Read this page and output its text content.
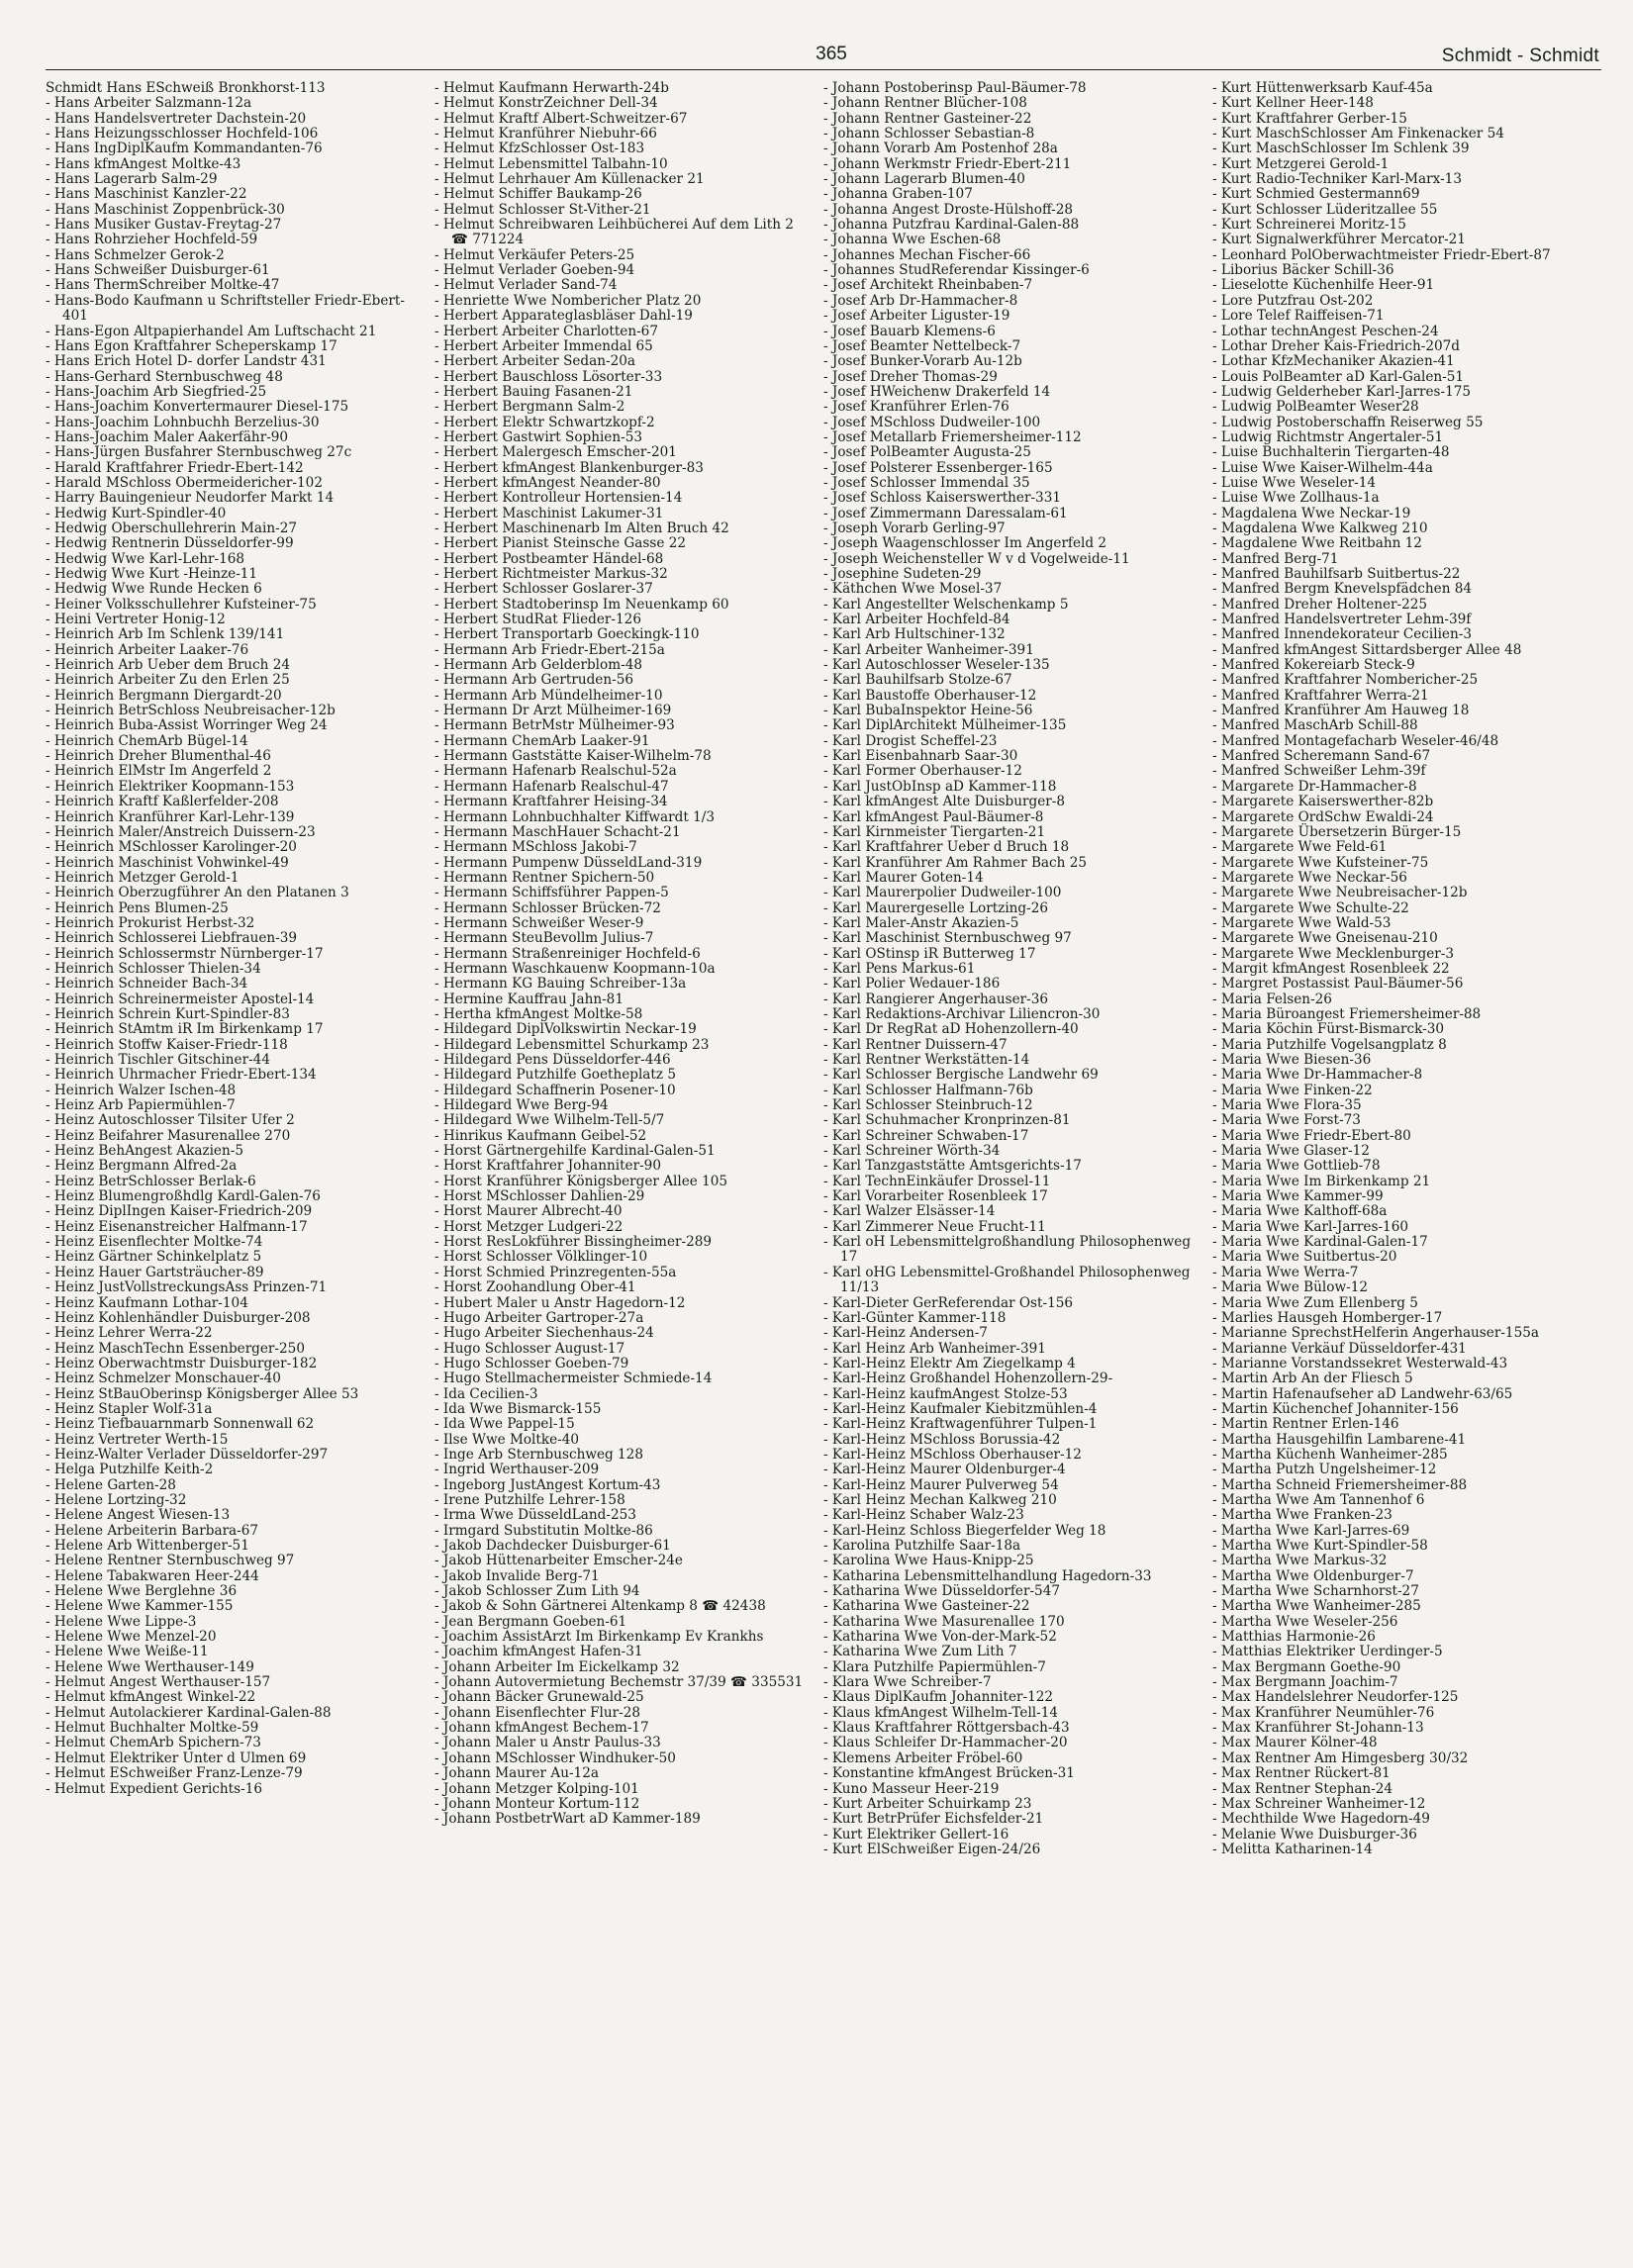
365	Schmidt - Schmidt
Schmidt Hans ESchweiß Bronkhorst-113
- Hans Arbeiter Salzmann-12a
- Hans Handelsvertreter Dachstein-20
- Hans Heizungsschlosser Hochfeld-106
- Hans IngDiplKaufm Kommandanten-76
- Hans kfmAngest Moltke-43
- Hans Lagerarb Salm-29
- Hans Maschinist Kanzler-22
- Hans Maschinist Zoppenbrück-30
- Hans Musiker Gustav-Freytag-27
- Hans Rohrzieher Hochfeld-59
- Hans Schmelzer Gerok-2
- Hans Schweißer Duisburger-61
- Hans ThermSchreiber Moltke-47
- Hans-Bodo Kaufmann u Schriftsteller Friedr-Ebert-401
- Hans-Egon Altpapierhandel Am Luftschacht 21
- Hans Egon Kraftfahrer Scheperskamp 17
- Hans Erich Hotel D- dorfer Landstr 431
- Hans-Gerhard Sternbuschweg 48
- Hans-Joachim Arb Siegfried-25
- Hans-Joachim Konvertermaurer Diesel-175
- Hans-Joachim Lohnbuchh Berzelius-30
- Hans-Joachim Maler Aakerfähr-90
- Hans-Jürgen Busfahrer Sternbuschweg 27c
- Harald Kraftfahrer Friedr-Ebert-142
- Harald MSchloss Obermeidericher-102
- Harry Bauingenieur Neudorfer Markt 14
- Hedwig Kurt-Spindler-40
- Hedwig Oberschullehrerin Main-27
- Hedwig Rentnerin Düsseldorfer-99
- Hedwig Wwe Karl-Lehr-168
- Hedwig Wwe Kurt -Heinze-11
- Hedwig Wwe Runde Hecken 6
- Heiner Volksschullehrer Kufsteiner-75
- Heini Vertreter Honig-12
- Heinrich Arb Im Schlenk 139/141
- Heinrich Arbeiter Laaker-76
- Heinrich Arb Ueber dem Bruch 24
- Heinrich Arbeiter Zu den Erlen 25
- Heinrich Bergmann Diergardt-20
- Heinrich BetrSchloss Neubreisacher-12b
- Heinrich Buba-Assist Worringer Weg 24
- Heinrich ChemArb Bügel-14
- Heinrich Dreher Blumenthal-46
- Heinrich ElMstr Im Angerfeld 2
- Heinrich Elektriker Koopmann-153
- Heinrich Kraftf Kaßlerfelder-208
- Heinrich Kranführer Karl-Lehr-139
- Heinrich Maler/Anstreich Duissern-23
- Heinrich MSchlosser Karolinger-20
- Heinrich Maschinist Vohwinkel-49
- Heinrich Metzger Gerold-1
- Heinrich Oberzugführer An den Platanen 3
- Heinrich Pens Blumen-25
- Heinrich Prokurist Herbst-32
- Heinrich Schlosserei Liebfrauen-39
- Heinrich Schlossermstr Nürnberger-17
- Heinrich Schlosser Thielen-34
- Heinrich Schneider Bach-34
- Heinrich Schreinermeister Apostel-14
- Heinrich Schrein Kurt-Spindler-83
- Heinrich StAmtm iR Im Birkenkamp 17
- Heinrich Stoffw Kaiser-Friedr-118
- Heinrich Tischler Gitschiner-44
- Heinrich Uhrmacher Friedr-Ebert-134
- Heinrich Walzer Ischen-48
- Heinz Arb Papiermühlen-7
- Heinz Autoschlosser Tilsiter Ufer 2
- Heinz Beifahrer Masurenallee 270
- Heinz BehAngest Akazien-5
- Heinz Bergmann Alfred-2a
- Heinz BetrSchlosser Berlak-6
- Heinz Blumengroßhdlg Kardl-Galen-76
- Heinz DiplIngen Kaiser-Friedrich-209
- Heinz Eisenanstreicher Halfmann-17
- Heinz Eisenflechter Moltke-74
- Heinz Gärtner Schinkelplatz 5
- Heinz Hauer Gartsträucher-89
- Heinz JustVollstreckungsAss Prinzen-71
- Heinz Kaufmann Lothar-104
- Heinz Kohlenhändler Duisburger-208
- Heinz Lehrer Werra-22
- Heinz MaschTechn Essenberger-250
- Heinz Oberwachtmstr Duisburger-182
- Heinz Schmelzer Monschauer-40
- Heinz StBauOberinsp Königsberger Allee 53
- Heinz Stapler Wolf-31a
- Heinz Tiefbauarnmarb Sonnenwall 62
- Heinz Vertreter Werth-15
- Heinz-Walter Verlader Düsseldorfer-297
- Helga Putzhilfe Keith-2
- Helene Garten-28
- Helene Lortzing-32
- Helene Angest Wiesen-13
- Helene Arbeiterin Barbara-67
- Helene Arb Wittenberger-51
- Helene Rentner Sternbuschweg 97
- Helene Tabakwaren Heer-244
- Helene Wwe Berglehne 36
- Helene Wwe Kammer-155
- Helene Wwe Lippe-3
- Helene Wwe Menzel-20
- Helene Wwe Weiße-11
- Helene Wwe Werthauser-149
- Helmut Angest Werthauser-157
- Helmut kfmAngest Winkel-22
- Helmut Autolackierer Kardinal-Galen-88
- Helmut Buchhalter Moltke-59
- Helmut ChemArb Spichern-73
- Helmut Elektriker Unter d Ulmen 69
- Helmut ESchweißer Franz-Lenze-79
- Helmut Expedient Gerichts-16
- Helmut Kaufmann Herwarth-24b
- Helmut KonstrZeichner Dell-34
- Helmut Kraftf Albert-Schweitzer-67
- Helmut Kranführer Niebuhr-66
- Helmut KfzSchlosser Ost-183
- Helmut Lebensmittel Talbahn-10
- Helmut Lehrhauer Am Küllenacker 21
- Helmut Schiffer Baukamp-26
- Helmut Schlosser St-Vither-21
- Helmut Schreibwaren Leihbücherei Auf dem Lith 2 ☎ 771224
- Helmut Verkäufer Peters-25
- Helmut Verlader Goeben-94
- Helmut Verlader Sand-74
- Henriette Wwe Nombericher Platz 20
- Herbert Apparateglasbläser Dahl-19
- Herbert Arbeiter Charlotten-67
- Herbert Arbeiter Immendal 65
- Herbert Arbeiter Sedan-20a
- Herbert Bauschloss Lösorter-33
- Herbert Bauing Fasanen-21
- Herbert Bergmann Salm-2
- Herbert Elektr Schwartzkopf-2
- Herbert Gastwirt Sophien-53
- Herbert Malergesch Emscher-201
- Herbert kfmAngest Blankenburger-83
- Herbert kfmAngest Neander-80
- Herbert Kontrolleur Hortensien-14
- Herbert Maschinist Lakumer-31
- Herbert Maschinenarb Im Alten Bruch 42
- Herbert Pianist Steinsche Gasse 22
- Herbert Postbeamter Händel-68
- Herbert Richtmeister Markus-32
- Herbert Schlosser Goslarer-37
- Herbert Stadtoberinsp Im Neuenkamp 60
- Herbert StudRat Flieder-126
- Herbert Transportarb Goeckingk-110
- Hermann Arb Friedr-Ebert-215a
- Hermann Arb Gelderblom-48
- Hermann Arb Gertruden-56
- Hermann Arb Mündelheimer-10
- Hermann Dr Arzt Mülheimer-169
- Hermann BetrMstr Mülheimer-93
- Hermann ChemArb Laaker-91
- Hermann Gaststätte Kaiser-Wilhelm-78
- Hermann Hafenarb Realschul-52a
- Hermann Hafenarb Realschul-47
- Hermann Kraftfahrer Heising-34
- Hermann Lohnbuchhalter Kiffwardt 1/3
- Hermann MaschHauer Schacht-21
- Hermann MSchloss Jakobi-7
- Hermann Pumpenw DüsseldLand-319
- Hermann Rentner Spichern-50
- Hermann Schiffsführer Pappen-5
- Hermann Schlosser Brücken-72
- Hermann Schweißer Weser-9
- Hermann SteuBevollm Julius-7
- Hermann Straßenreiniger Hochfeld-6
- Hermann Waschkauenw Koopmann-10a
- Hermann KG Bauing Schreiber-13a
- Hermine Kauffrau Jahn-81
- Hertha kfmAngest Moltke-58
- Hildegard DiplVolkswirtin Neckar-19
- Hildegard Lebensmittel Schurkamp 23
- Hildegard Pens Düsseldorfer-446
- Hildegard Putzhilfe Goetheplatz 5
- Hildegard Schaffnerin Posener-10
- Hildegard Wwe Berg-94
- Hildegard Wwe Wilhelm-Tell-5/7
- Hinrikus Kaufmann Geibel-52
- Horst Gärtnergehilfe Kardinal-Galen-51
- Horst Kraftfahrer Johanniter-90
- Horst Kranführer Königsberger Allee 105
- Horst MSchlosser Dahlien-29
- Horst Maurer Albrecht-40
- Horst Metzger Ludgeri-22
- Horst ResLokführer Bissingheimer-289
- Horst Schlosser Völklinger-10
- Horst Schmied Prinzregenten-55a
- Horst Zoohandlung Ober-41
- Hubert Maler u Anstr Hagedorn-12
- Hugo Arbeiter Gartroper-27a
- Hugo Arbeiter Siechenhaus-24
- Hugo Schlosser August-17
- Hugo Schlosser Goeben-79
- Hugo Stellmachermeister Schmiede-14
- Ida Cecilien-3
- Ida Wwe Bismarck-155
- Ida Wwe Pappel-15
- Ilse Wwe Moltke-40
- Inge Arb Sternbuschweg 128
- Ingrid Werthauser-209
- Ingeborg JustAngest Kortum-43
- Irene Putzhilfe Lehrer-158
- Irma Wwe DüsseldLand-253
- Irmgard Substitutin Moltke-86
- Jakob Dachdecker Duisburger-61
- Jakob Hüttenarbeiter Emscher-24e
- Jakob Invalide Berg-71
- Jakob Schlosser Zum Lith 94
- Jakob & Sohn Gärtnerei Altenkamp 8 ☎ 42438
- Jean Bergmann Goeben-61
- Joachim AssistArzt Im Birkenkamp Ev Krankhs
- Joachim kfmAngest Hafen-31
- Johann Arbeiter Im Eickelkamp 32
- Johann Autovermietung Bechemstr 37/39 ☎ 335531
- Johann Bäcker Grunewald-25
- Johann Eisenflechter Flur-28
- Johann kfmAngest Bechem-17
- Johann Maler u Anstr Paulus-33
- Johann MSchlosser Windhuker-50
- Johann Maurer Au-12a
- Johann Metzger Kolping-101
- Johann Monteur Kortum-112
- Johann PostbetrWart aD Kammer-189
- Johann Postoberinsp Paul-Bäumer-78
- Johann Rentner Blücher-108
- Johann Rentner Gasteiner-22
- Johann Schlosser Sebastian-8
- Johann Vorarb Am Postenhof 28a
- Johann Werkmstr Friedr-Ebert-211
- Johann Lagerarb Blumen-40
- Johanna Graben-107
- Johanna Angest Droste-Hülshoff-28
- Johanna Putzfrau Kardinal-Galen-88
- Johanna Wwe Eschen-68
- Johannes Mechan Fischer-66
- Johannes StudReferendar Kissinger-6
- Josef Architekt Rheinbaben-7
- Josef Arb Dr-Hammacher-8
- Josef Arbeiter Liguster-19
- Josef Bauarb Klemens-6
- Josef Beamter Nettelbeck-7
- Josef Bunker-Vorarb Au-12b
- Josef Dreher Thomas-29
- Josef HWeichenw Drakerfeld 14
- Josef Kranführer Erlen-76
- Josef MSchloss Dudweiler-100
- Josef Metallarb Friemersheimer-112
- Josef PolBeamter Augusta-25
- Josef Polsterer Essenberger-165
- Josef Schlosser Immendal 35
- Josef Schloss Kaiserswerther-331
- Josef Zimmermann Daressalam-61
- Joseph Vorarb Gerling-97
- Joseph Waagenschlosser Im Angerfeld 2
- Joseph Weichensteller W v d Vogelweide-11
- Josephine Sudeten-29
- Käthchen Wwe Mosel-37
- Karl Angestellter Welschenkamp 5
- Karl Arbeiter Hochfeld-84
- Karl Arb Hultschiner-132
- Karl Arbeiter Wanheimer-391
- Karl Autoschlosser Weseler-135
- Karl Bauhilfsarb Stolze-67
- Karl Baustoffe Oberhauser-12
- Karl BubaInspektor Heine-56
- Karl DiplArchitekt Mülheimer-135
- Karl Drogist Scheffel-23
- Karl Eisenbahnarb Saar-30
- Karl Former Oberhauser-12
- Karl JustObInsp aD Kammer-118
- Karl kfmAngest Alte Duisburger-8
- Karl kfmAngest Paul-Bäumer-8
- Karl Kirnmeister Tiergarten-21
- Karl Kraftfahrer Ueber d Bruch 18
- Karl Kranführer Am Rahmer Bach 25
- Karl Maurer Goten-14
- Karl Maurerpolier Dudweiler-100
- Karl Maurergeselle Lortzing-26
- Karl Maler-Anstr Akazien-5
- Karl Maschinist Sternbuschweg 97
- Karl OStinsp iR Butterweg 17
- Karl Pens Markus-61
- Karl Polier Wedauer-186
- Karl Rangierer Angerhauser-36
- Karl Redaktions-Archivar Lilienc​ron-30
- Karl Dr RegRat aD Hohenzollern-40
- Karl Rentner Duissern-47
- Karl Rentner Werkstätten-14
- Karl Schlosser Bergische Landwehr 69
- Karl Schlosser Halfmann-76b
- Karl Schlosser Steinbruch-12
- Karl Schuhmacher Kronprinzen-81
- Karl Schreiner Schwaben-17
- Karl Schreiner Wörth-34
- Karl Tanzgaststätte Amtsgerichts-17
- Karl TechnEinkäufer Drossel-11
- Karl Vorarbeiter Rosenbleek 17
- Karl Walzer Elsässer-14
- Karl Zimmerer Neue Frucht-11
- Karl oH Lebensmittelgroßhandlung Philosophenweg 17
- Karl oHG Lebensmittel-Großhandel Philosophenweg 11/13
- Karl-Dieter GerReferendar Ost-156
- Karl-Günter Kammer-118
- Karl-Heinz Andersen-7
- Karl Heinz Arb Wanheimer-391
- Karl-Heinz Elektr Am Ziegelkamp 4
- Karl-Heinz Großhandel Hohenzollern-29-
- Karl-Heinz kaufmAngest Stolze-53
- Karl-Heinz Kaufmaler Kiebitzmühlen-4
- Karl-Heinz Kraftwagenführer Tulpen-1
- Karl-Heinz MSchloss Borussia-42
- Karl-Heinz MSchloss Oberhauser-12
- Karl-Heinz Maurer Oldenburger-4
- Karl-Heinz Maurer Pulverweg 54
- Karl Heinz Mechan Kalkweg 210
- Karl-Heinz Schaber Walz-23
- Karl-Heinz Schloss Biegerfelder Weg 18
- Karolina Putzhilfe Saar-18a
- Karolina Wwe Haus-Knipp-25
- Katharina Lebensmittelhandlung Hagedorn-33
- Katharina Wwe Düsseldorfer-547
- Katharina Wwe Gasteiner-22
- Katharina Wwe Masurenallee 170
- Katharina Wwe Von-der-Mark-52
- Katharina Wwe Zum Lith 7
- Klara Putzhilfe Papiermühlen-7
- Klara Wwe Schreiber-7
- Klaus DiplKaufm Johanniter-122
- Klaus kfmAngest Wilhelm-Tell-14
- Klaus Kraftfahrer Röttgersbach-43
- Klaus Schleifer Dr-Hammacher-20
- Klemens Arbeiter Fröbel-60
- Konstantine kfmAngest Brücken-31
- Kuno Masseur Heer-219
- Kurt Arbeiter Schuirkamp 23
- Kurt BetrPrüfer Eichsfelder-21
- Kurt Elektriker Gellert-16
- Kurt ElSchweißer Eigen-24/26
- Kurt Hüttenwerksarb Kauf-45a
- Kurt Kellner Heer-148
- Kurt Kraftfahrer Gerber-15
- Kurt MaschSchlosser Am Finkenacker 54
- Kurt MaschSchlosser Im Schlenk 39
- Kurt Metzgerei Gerold-1
- Kurt Radio-Techniker Karl-Marx-13
- Kurt Schmied Gestermann69
- Kurt Schlosser Lüderitzallee 55
- Kurt Schreinerei Moritz-15
- Kurt Signalwerkführer Mercator-21
- Leonhard PolOberwachtmeister Friedr-Ebert-87
- Liborius Bäcker Schill-36
- Lieselotte Küchenhilfe Heer-91
- Lore Putzfrau Ost-202
- Lore Telef Raiffeisen-71
- Lothar technAngest Peschen-24
- Lothar Dreher Kais-Friedrich-207d
- Lothar KfzMechaniker Akazien-41
- Louis PolBeamter aD Karl-Galen-51
- Ludwig Gelderheber Karl-Jarres-175
- Ludwig PolBeamter Weser28
- Ludwig Postoberschaffn Reiserweg 55
- Ludwig Richtmstr Angertaler-51
- Luise Buchhalterin Tiergarten-48
- Luise Wwe Kaiser-Wilhelm-44a
- Luise Wwe Weseler-14
- Luise Wwe Zollhaus-1a
- Magdalena Wwe Neckar-19
- Magdalena Wwe Kalkweg 210
- Magdalene Wwe Reitbahn 12
- Manfred Berg-71
- Manfred Bauhilfsarb Suitbertus-22
- Manfred Bergm Knevelspfädchen 84
- Manfred Dreher Holtener-225
- Manfred Handelsvertreter Lehm-39f
- Manfred Innendekorateur Cecilien-3
- Manfred kfmAngest Sittardsberger Allee 48
- Manfred Kokereiarb Steck-9
- Manfred Kraftfahrer Nombericher-25
- Manfred Kraftfahrer Werra-21
- Manfred Kranführer Am Hauweg 18
- Manfred MaschArb Schill-88
- Manfred Montagefacharb Weseler-46/48
- Manfred Scheremann Sand-67
- Manfred Schweißer Lehm-39f
- Margarete Dr-Hammacher-8
- Margarete Kaiserswerther-82b
- Margarete OrdSchw Ewaldi-24
- Margarete Übersetzerin Bürger-15
- Margarete Wwe Feld-61
- Margarete Wwe Kufsteiner-75
- Margarete Wwe Neckar-56
- Margarete Wwe Neubreisacher-12b
- Margarete Wwe Schulte-22
- Margarete Wwe Wald-53
- Margarete Wwe Gneisenau-210
- Margarete Wwe Mecklenburger-3
- Margit kfmAngest Rosenbleek 22
- Margret Postassist Paul-Bäumer-56
- Maria Felsen-26
- Maria Büroangest Friemersheimer-88
- Maria Köchin Fürst-Bismarck-30
- Maria Putzhilfe Vogelsangplatz 8
- Maria Wwe Biesen-36
- Maria Wwe Dr-Hammacher-8
- Maria Wwe Finken-22
- Maria Wwe Flora-35
- Maria Wwe Forst-73
- Maria Wwe Friedr-Ebert-80
- Maria Wwe Glaser-12
- Maria Wwe Gottlieb-78
- Maria Wwe Im Birkenkamp 21
- Maria Wwe Kammer-99
- Maria Wwe Kalthoff-68a
- Maria Wwe Karl-Jarres-160
- Maria Wwe Kardinal-Galen-17
- Maria Wwe Suitbertus-20
- Maria Wwe Werra-7
- Maria Wwe Bülow-12
- Maria Wwe Zum Ellenberg 5
- Marlies Hausgeh Homberger-17
- Marianne SprechstHelferin Angerhauser-155a
- Marianne Verkäuf Düsseldorfer-431
- Marianne Vorstandssekret Westerwald-43
- Martin Arb An der Fliesch 5
- Martin Hafenaufseher aD Landwehr-63/65
- Martin Küchenchef Johanniter-156
- Martin Rentner Erlen-146
- Martha Hausgehilfin Lambarene-41
- Martha Küchenh Wanheimer-285
- Martha Putzh Ungelsheimer-12
- Martha Schneid Friemersheimer-88
- Martha Wwe Am Tannenhof 6
- Martha Wwe Franken-23
- Martha Wwe Karl-Jarres-69
- Martha Wwe Kurt-Spindler-58
- Martha Wwe Markus-32
- Martha Wwe Oldenburger-7
- Martha Wwe Scharnhorst-27
- Martha Wwe Wanheimer-285
- Martha Wwe Weseler-256
- Matthias Harmonie-26
- Matthias Elektriker Uerdinger-5
- Max Bergmann Goethe-90
- Max Bergmann Joachim-7
- Max Handelslehrer Neudorfer-125
- Max Kranführer Neumühler-76
- Max Kranführer St-Johann-13
- Max Maurer Kölner-48
- Max Rentner Am Himgesberg 30/32
- Max Rentner Rückert-81
- Max Rentner Stephan-24
- Max Schreiner Wanheimer-12
- Mechthilde Wwe Hagedorn-49
- Melanie Wwe Duisburger-36
- Melitta Katharinen-14
